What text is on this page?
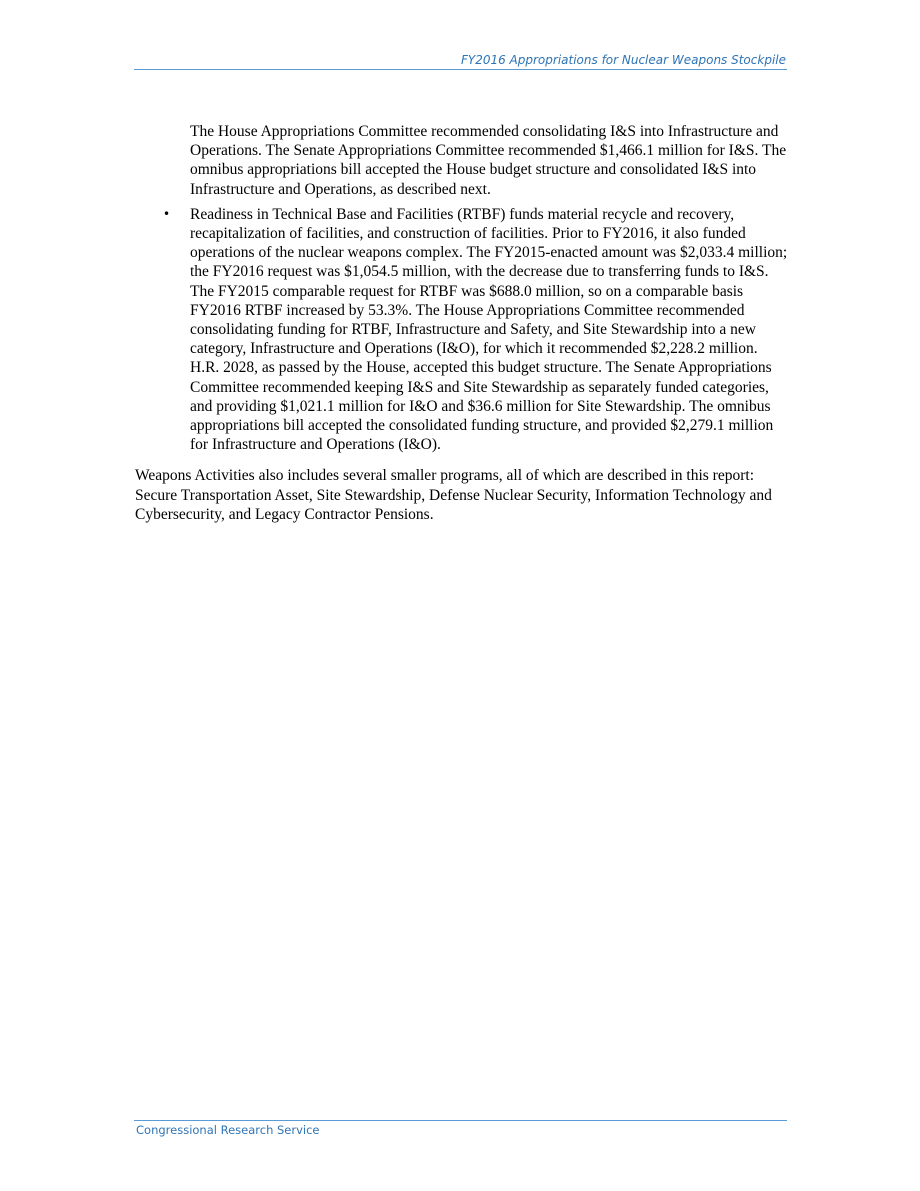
FY2016 Appropriations for Nuclear Weapons Stockpile

The House Appropriations Committee recommended consolidating I&S into Infrastructure and Operations. The Senate Appropriations Committee recommended $1,466.1 million for I&S. The omnibus appropriations bill accepted the House budget structure and consolidated I&S into Infrastructure and Operations, as described next.

• Readiness in Technical Base and Facilities (RTBF) funds material recycle and recovery, recapitalization of facilities, and construction of facilities. Prior to FY2016, it also funded operations of the nuclear weapons complex. The FY2015-enacted amount was $2,033.4 million; the FY2016 request was $1,054.5 million, with the decrease due to transferring funds to I&S. The FY2015 comparable request for RTBF was $688.0 million, so on a comparable basis FY2016 RTBF increased by 53.3%. The House Appropriations Committee recommended consolidating funding for RTBF, Infrastructure and Safety, and Site Stewardship into a new category, Infrastructure and Operations (I&O), for which it recommended $2,228.2 million. H.R. 2028, as passed by the House, accepted this budget structure. The Senate Appropriations Committee recommended keeping I&S and Site Stewardship as separately funded categories, and providing $1,021.1 million for I&O and $36.6 million for Site Stewardship. The omnibus appropriations bill accepted the consolidated funding structure, and provided $2,279.1 million for Infrastructure and Operations (I&O).

Weapons Activities also includes several smaller programs, all of which are described in this report: Secure Transportation Asset, Site Stewardship, Defense Nuclear Security, Information Technology and Cybersecurity, and Legacy Contractor Pensions.

Congressional Research Service
